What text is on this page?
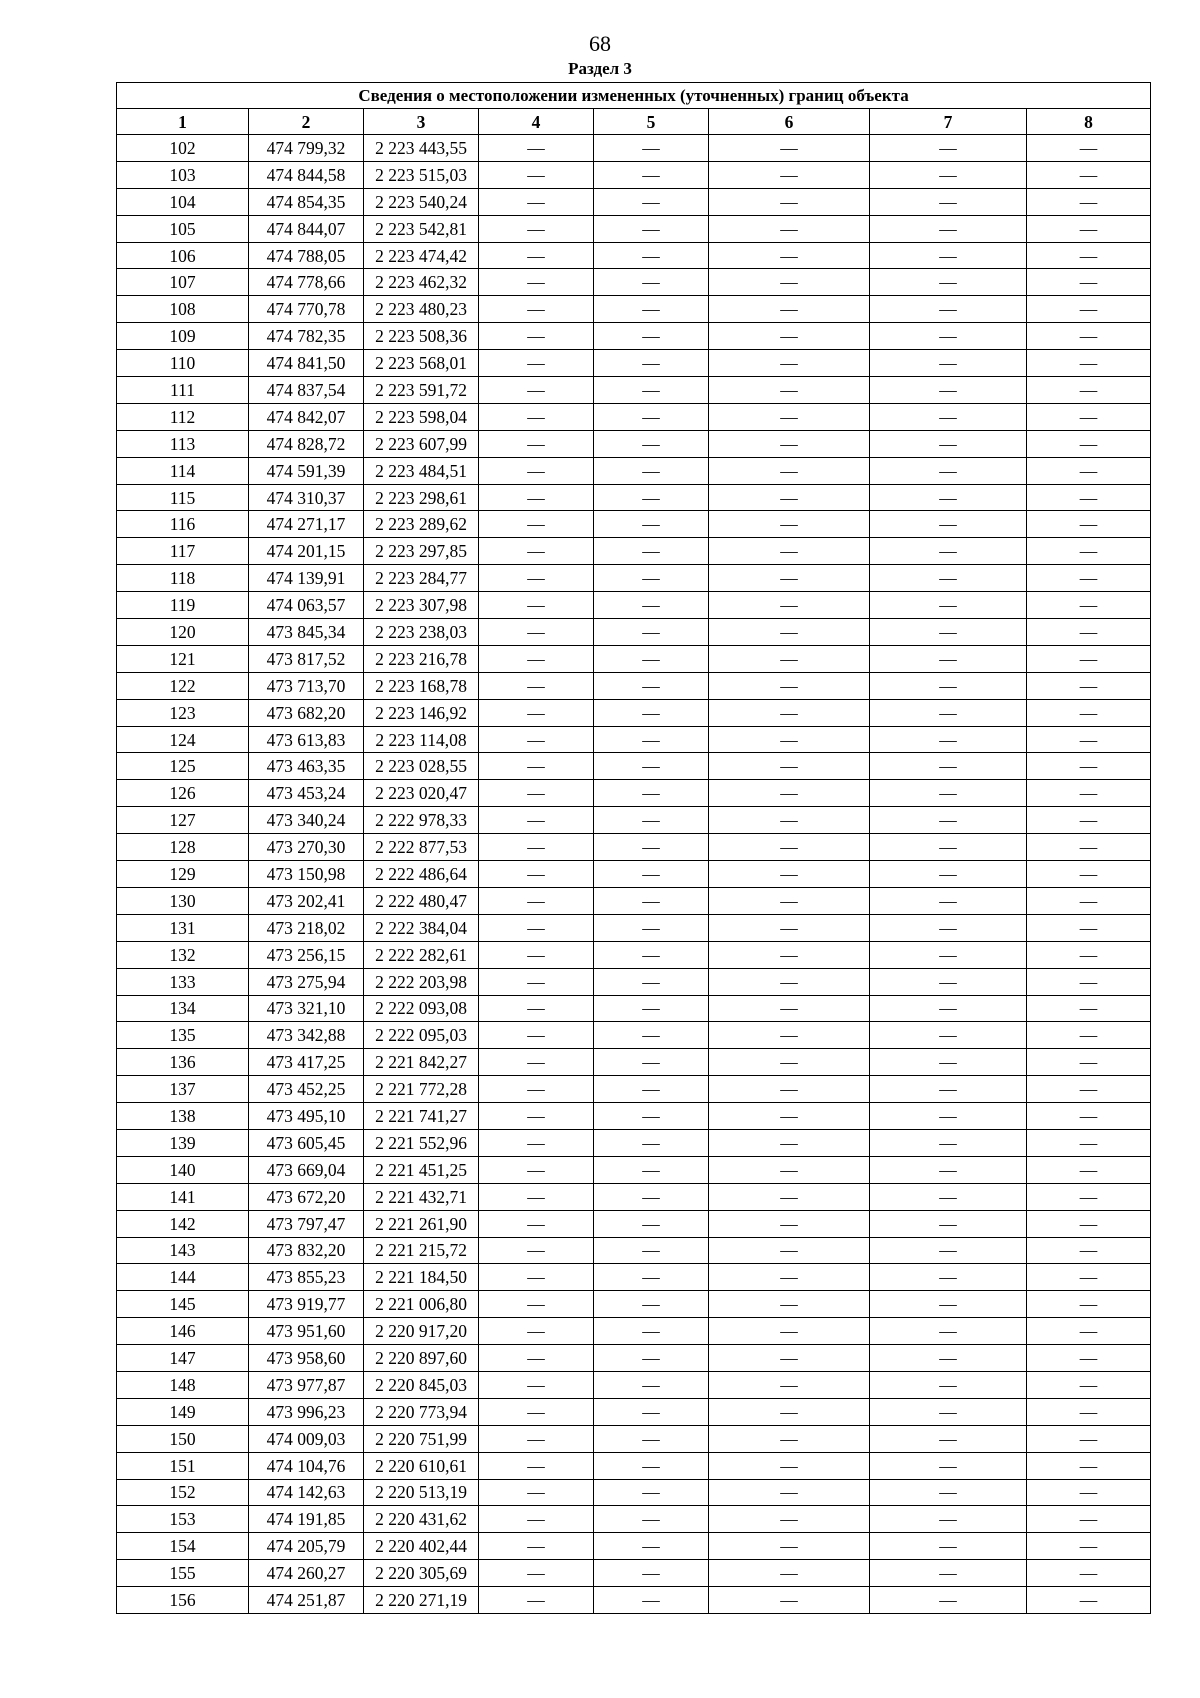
68
Раздел 3
Сведения о местоположении измененных (уточненных) границ объекта							
1	2	3	4	5	6	7	8
102	474 799,32	2 223 443,55	—	—	—	—	—
103	474 844,58	2 223 515,03	—	—	—	—	—
104	474 854,35	2 223 540,24	—	—	—	—	—
105	474 844,07	2 223 542,81	—	—	—	—	—
106	474 788,05	2 223 474,42	—	—	—	—	—
107	474 778,66	2 223 462,32	—	—	—	—	—
108	474 770,78	2 223 480,23	—	—	—	—	—
109	474 782,35	2 223 508,36	—	—	—	—	—
110	474 841,50	2 223 568,01	—	—	—	—	—
111	474 837,54	2 223 591,72	—	—	—	—	—
112	474 842,07	2 223 598,04	—	—	—	—	—
113	474 828,72	2 223 607,99	—	—	—	—	—
114	474 591,39	2 223 484,51	—	—	—	—	—
115	474 310,37	2 223 298,61	—	—	—	—	—
116	474 271,17	2 223 289,62	—	—	—	—	—
117	474 201,15	2 223 297,85	—	—	—	—	—
118	474 139,91	2 223 284,77	—	—	—	—	—
119	474 063,57	2 223 307,98	—	—	—	—	—
120	473 845,34	2 223 238,03	—	—	—	—	—
121	473 817,52	2 223 216,78	—	—	—	—	—
122	473 713,70	2 223 168,78	—	—	—	—	—
123	473 682,20	2 223 146,92	—	—	—	—	—
124	473 613,83	2 223 114,08	—	—	—	—	—
125	473 463,35	2 223 028,55	—	—	—	—	—
126	473 453,24	2 223 020,47	—	—	—	—	—
127	473 340,24	2 222 978,33	—	—	—	—	—
128	473 270,30	2 222 877,53	—	—	—	—	—
129	473 150,98	2 222 486,64	—	—	—	—	—
130	473 202,41	2 222 480,47	—	—	—	—	—
131	473 218,02	2 222 384,04	—	—	—	—	—
132	473 256,15	2 222 282,61	—	—	—	—	—
133	473 275,94	2 222 203,98	—	—	—	—	—
134	473 321,10	2 222 093,08	—	—	—	—	—
135	473 342,88	2 222 095,03	—	—	—	—	—
136	473 417,25	2 221 842,27	—	—	—	—	—
137	473 452,25	2 221 772,28	—	—	—	—	—
138	473 495,10	2 221 741,27	—	—	—	—	—
139	473 605,45	2 221 552,96	—	—	—	—	—
140	473 669,04	2 221 451,25	—	—	—	—	—
141	473 672,20	2 221 432,71	—	—	—	—	—
142	473 797,47	2 221 261,90	—	—	—	—	—
143	473 832,20	2 221 215,72	—	—	—	—	—
144	473 855,23	2 221 184,50	—	—	—	—	—
145	473 919,77	2 221 006,80	—	—	—	—	—
146	473 951,60	2 220 917,20	—	—	—	—	—
147	473 958,60	2 220 897,60	—	—	—	—	—
148	473 977,87	2 220 845,03	—	—	—	—	—
149	473 996,23	2 220 773,94	—	—	—	—	—
150	474 009,03	2 220 751,99	—	—	—	—	—
151	474 104,76	2 220 610,61	—	—	—	—	—
152	474 142,63	2 220 513,19	—	—	—	—	—
153	474 191,85	2 220 431,62	—	—	—	—	—
154	474 205,79	2 220 402,44	—	—	—	—	—
155	474 260,27	2 220 305,69	—	—	—	—	—
156	474 251,87	2 220 271,19	—	—	—	—	—
